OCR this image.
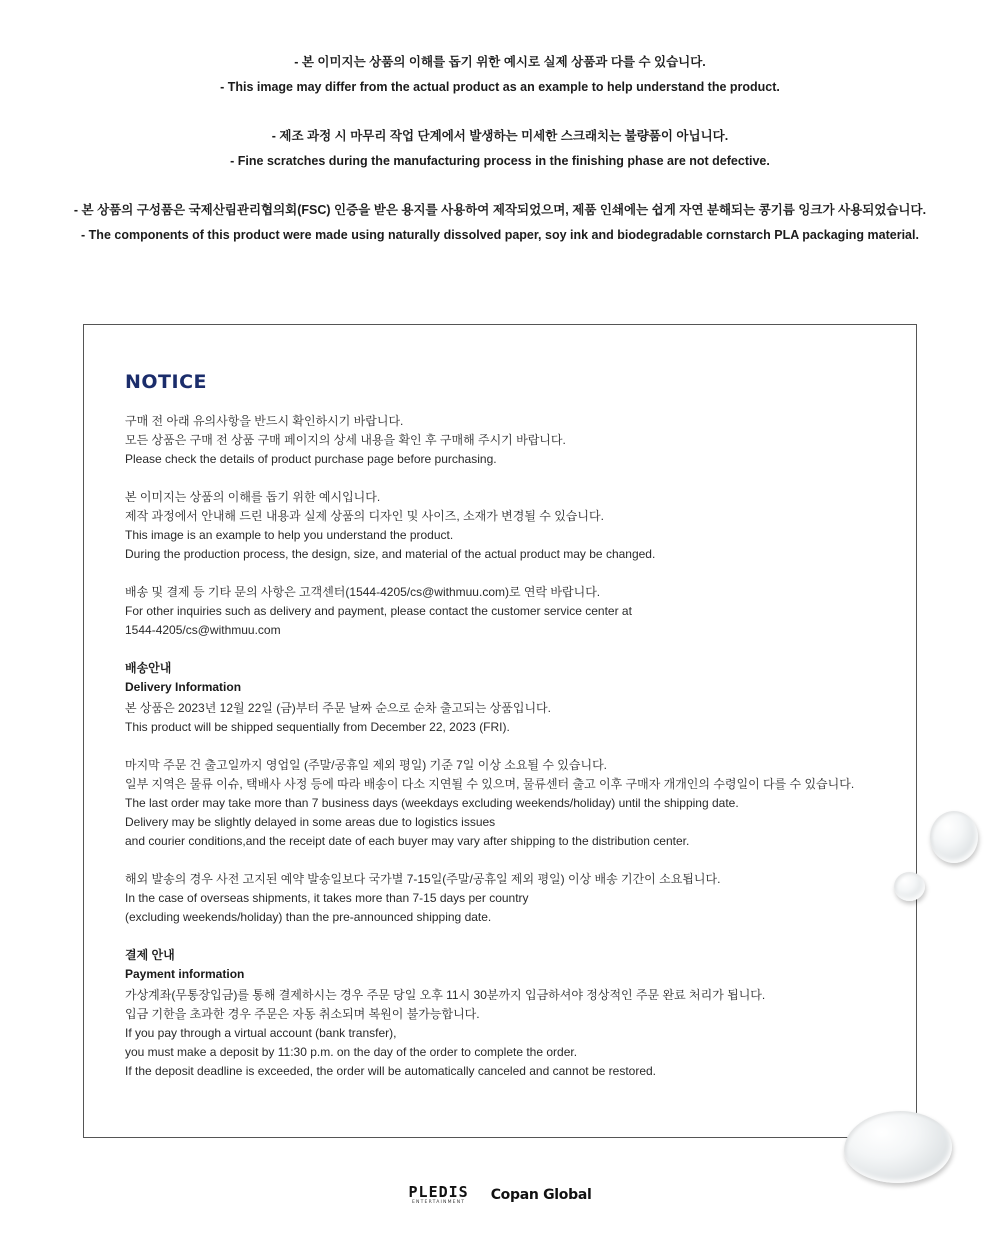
- 본 이미지는 상품의 이해를 돕기 위한 예시로 실제 상품과 다를 수 있습니다.
- This image may differ from the actual product as an example to help understand the product.
- 제조 과정 시 마무리 작업 단계에서 발생하는 미세한 스크래치는 불량품이 아닙니다.
- Fine scratches during the manufacturing process in the finishing phase are not defective.
- 본 상품의 구성품은 국제산림관리협의회(FSC) 인증을 받은 용지를 사용하여 제작되었으며, 제품 인쇄에는 쉽게 자연 분해되는 콩기름 잉크가 사용되었습니다.
- The components of this product were made using naturally dissolved paper, soy ink and biodegradable cornstarch PLA packaging material.
NOTICE
구매 전 아래 유의사항을 반드시 확인하시기 바랍니다.
모든 상품은 구매 전 상품 구매 페이지의 상세 내용을 확인 후 구매해 주시기 바랍니다.
Please check the details of product purchase page before purchasing.
본 이미지는 상품의 이해를 돕기 위한 예시입니다.
제작 과정에서 안내해 드린 내용과 실제 상품의 디자인 및 사이즈, 소재가 변경될 수 있습니다.
This image is an example to help you understand the product.
During the production process, the design, size, and material of the actual product may be changed.
배송 및 결제 등 기타 문의 사항은 고객센터(1544-4205/cs@withmuu.com)로 연락 바랍니다.
For other inquiries such as delivery and payment, please contact the customer service center at
1544-4205/cs@withmuu.com
배송안내
Delivery Information
본 상품은 2023년 12월 22일 (금)부터 주문 날짜 순으로 순차 출고되는 상품입니다.
This product will be shipped sequentially from December 22, 2023 (FRI).
마지막 주문 건 출고일까지 영업일 (주말/공휴일 제외 평일) 기준 7일 이상 소요될 수 있습니다.
일부 지역은 물류 이슈, 택배사 사정 등에 따라 배송이 다소 지연될 수 있으며, 물류센터 출고 이후 구매자 개개인의 수령일이 다를 수 있습니다.
The last order may take more than 7 business days (weekdays excluding weekends/holiday) until the shipping date.
Delivery may be slightly delayed in some areas due to logistics issues
and courier conditions,and the receipt date of each buyer may vary after shipping to the distribution center.
해외 발송의 경우 사전 고지된 예약 발송일보다 국가별 7-15일(주말/공휴일 제외 평일) 이상 배송 기간이 소요됩니다.
In the case of overseas shipments, it takes more than 7-15 days per country
(excluding weekends/holiday) than the pre-announced shipping date.
결제 안내
Payment information
가상계좌(무통장입금)를 통해 결제하시는 경우 주문 당일 오후 11시 30분까지 입금하셔야 정상적인 주문 완료 처리가 됩니다.
입금 기한을 초과한 경우 주문은 자동 취소되며 복원이 불가능합니다.
If you pay through a virtual account (bank transfer),
you must make a deposit by 11:30 p.m. on the day of the order to complete the order.
If the deposit deadline is exceeded, the order will be automatically canceled and cannot be restored.
PLEDIS
ENTERTAINMENT Copan Global
